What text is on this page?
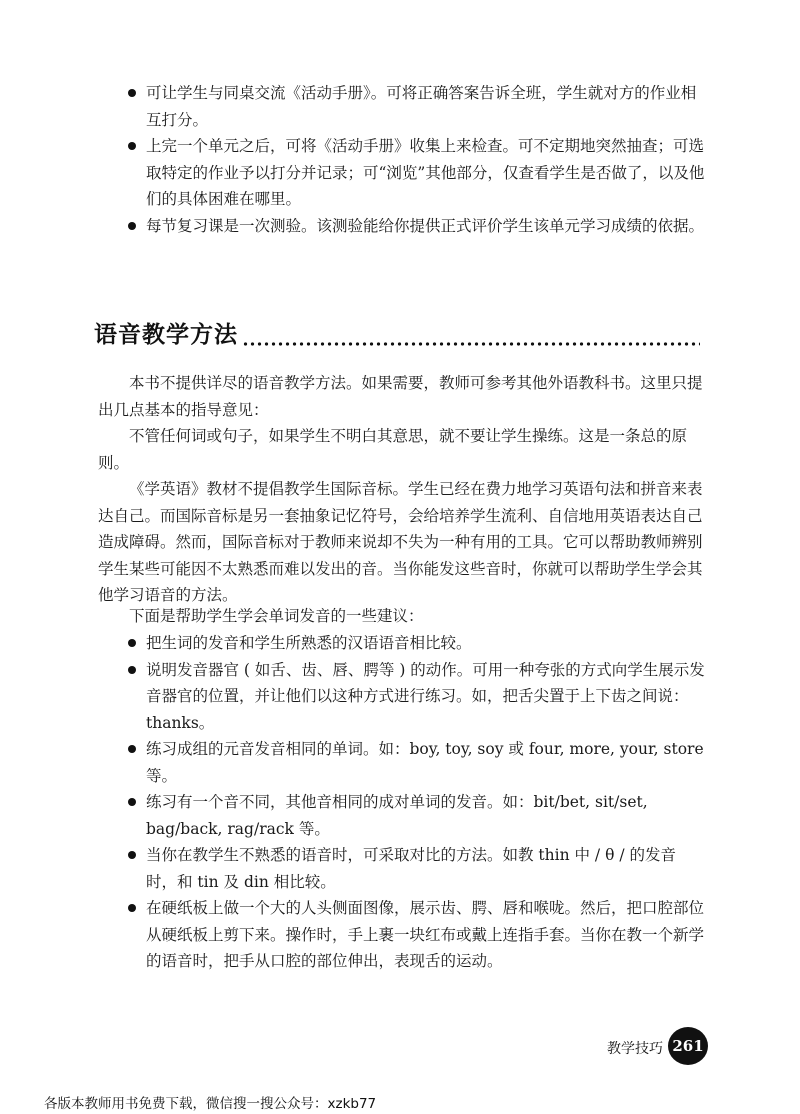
可让学生与同桌交流《活动手册》。可将正确答案告诉全班，学生就对方的作业相互打分。
上完一个单元之后，可将《活动手册》收集上来检查。可不定期地突然抽查；可选取特定的作业予以打分并记录；可“浏览”其他部分，仅查看学生是否做了，以及他们的具体困难在哪里。
每节复习课是一次测验。该测验能给你提供正式评价学生该单元学习成绩的依据。
语音教学方法

本书不提供详尽的语音教学方法。如果需要，教师可参考其他外语教科书。这里只提出几点基本的指导意见：

不管任何词或句子，如果学生不明白其意思，就不要让学生操练。这是一条总的原则。

《学英语》教材不提倡教学生国际音标。学生已经在费力地学习英语句法和拼音来表达自己。而国际音标是另一套抽象记忆符号，会给培养学生流利、自信地用英语表达自己造成障碍。然而，国际音标对于教师来说却不失为一种有用的工具。它可以帮助教师辨别学生某些可能因不太熟悉而难以发出的音。当你能发这些音时，你就可以帮助学生学会其他学习语音的方法。

下面是帮助学生学会单词发音的一些建议：

把生词的发音和学生所熟悉的汉语语音相比较。
说明发音器官 ( 如舌、齿、唇、腭等 ) 的动作。可用一种夸张的方式向学生展示发音器官的位置，并让他们以这种方式进行练习。如，把舌尖置于上下齿之间说：thanks。
练习成组的元音发音相同的单词。如：boy, toy, soy 或 four, more, your, store 等。
练习有一个音不同，其他音相同的成对单词的发音。如：bit/bet, sit/set, bag/back, rag/rack 等。
当你在教学生不熟悉的语音时，可采取对比的方法。如教 thin 中 / θ / 的发音时，和 tin 及 din 相比较。
在硬纸板上做一个大的人头侧面图像，展示齿、腭、唇和喉咙。然后，把口腔部位从硬纸板上剪下来。操作时，手上裹一块红布或戴上连指手套。当你在教一个新学的语音时，把手从口腔的部位伸出，表现舌的运动。
教学技巧 261
各版本教师用书免费下载，微信搜一搜公众号：xzkb77
